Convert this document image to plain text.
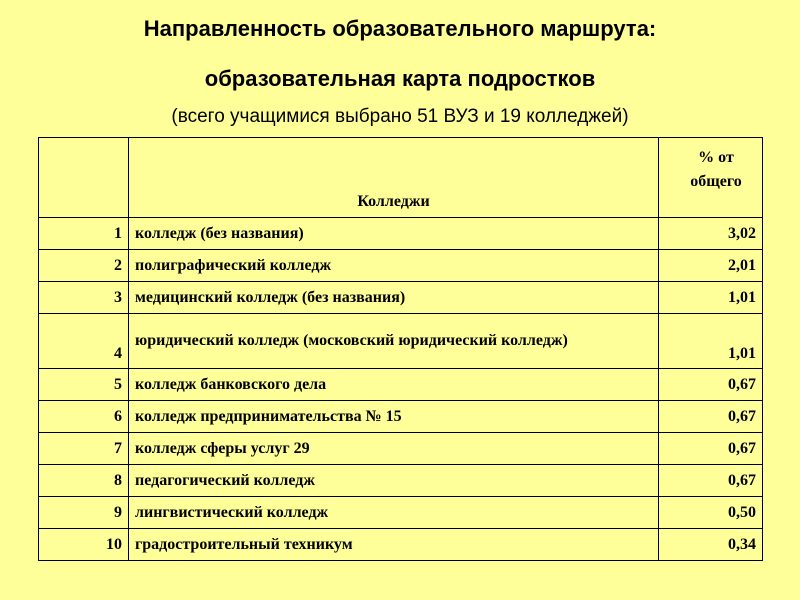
Направленность образовательного маршрута:
образовательная карта подростков

(всего учащимися выбрано 51 ВУЗ и 19 колледжей)

	Колледжи	% от общего
1	колледж (без названия)	3,02
2	полиграфический колледж	2,01
3	медицинский колледж (без названия)	1,01
4	юридический колледж (московский юридический колледж)	1,01
5	колледж банковского дела	0,67
6	колледж предпринимательства № 15	0,67
7	колледж сферы услуг 29	0,67
8	педагогический колледж	0,67
9	лингвистический колледж	0,50
10	градостроительный техникум	0,34
